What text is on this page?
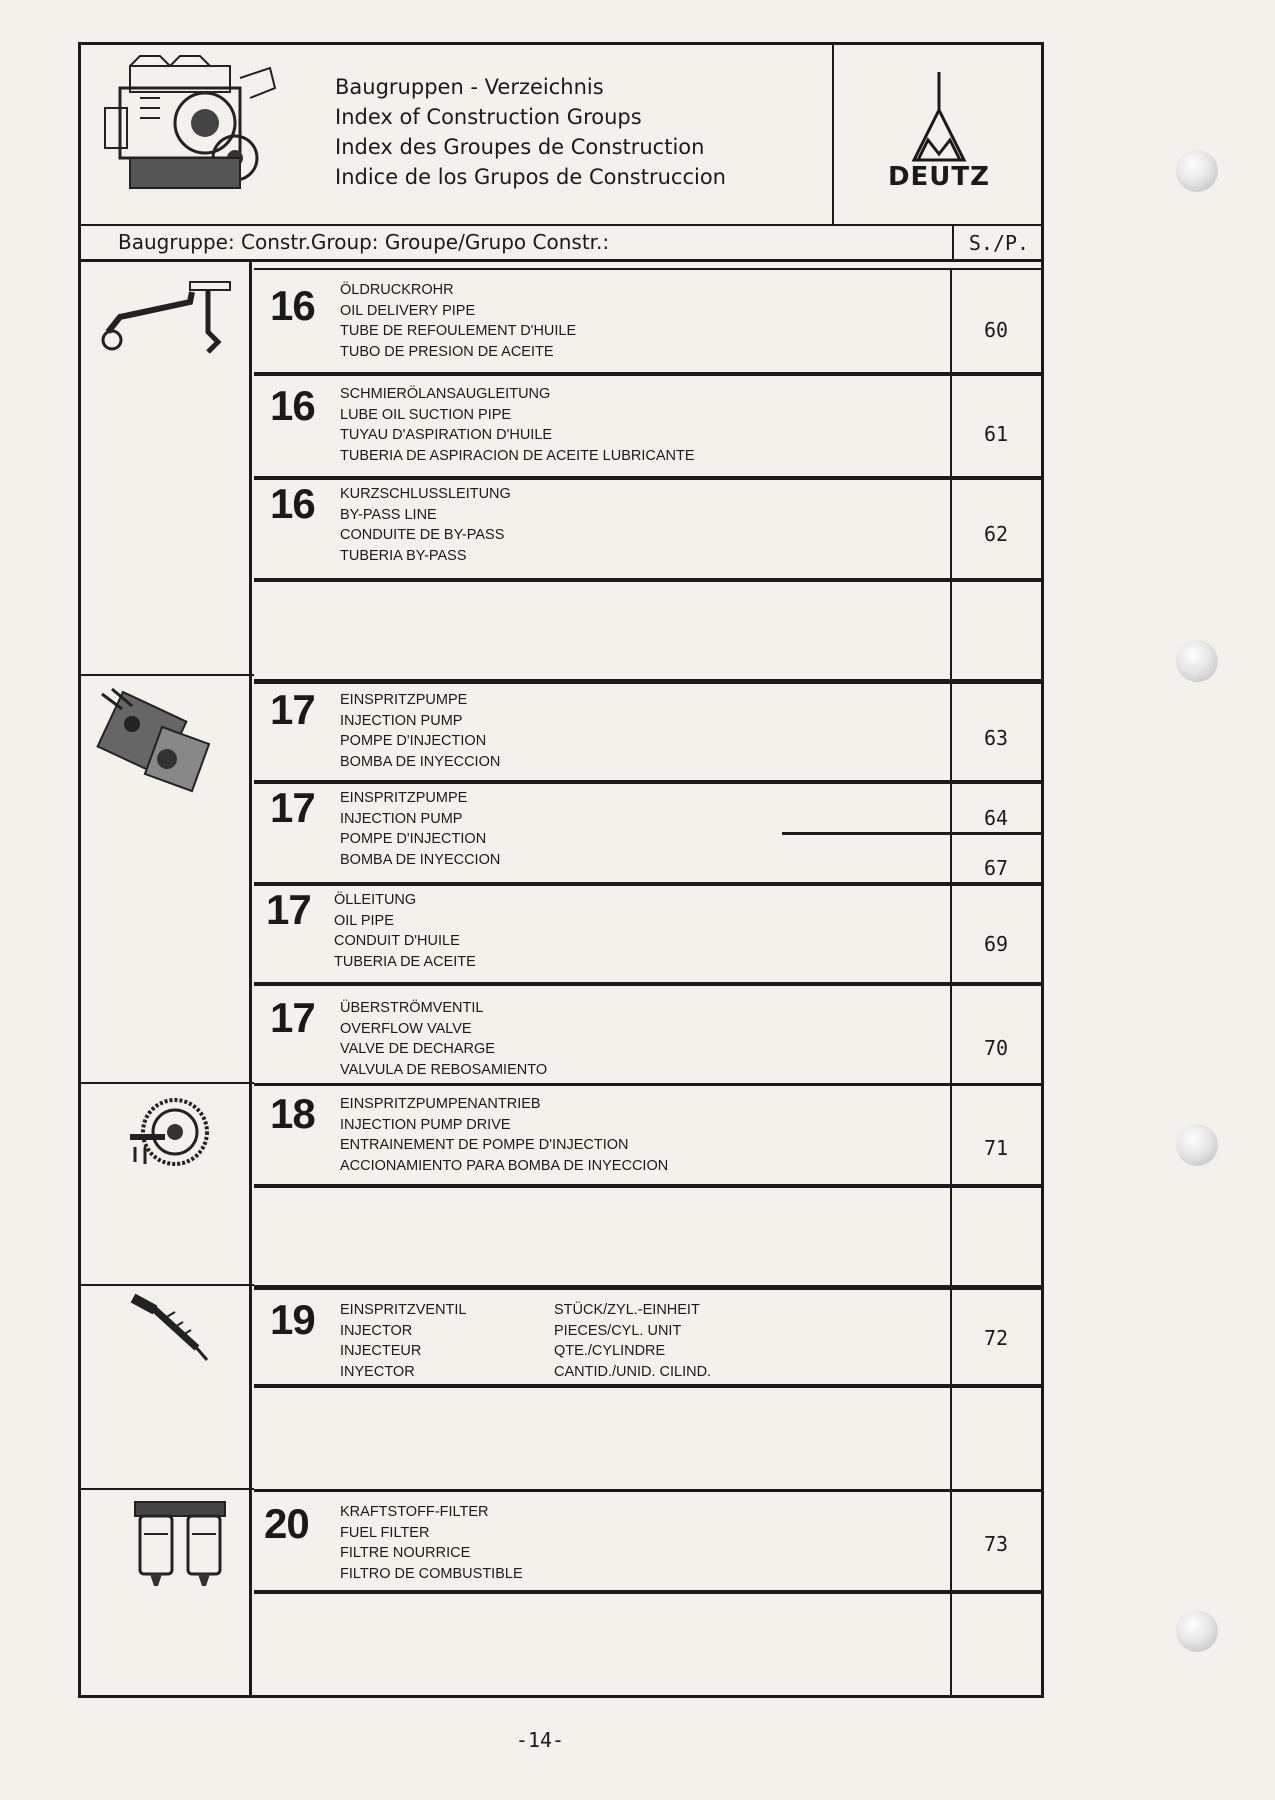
Baugruppen - Verzeichnis
Index of Construction Groups
Index des Groupes de Construction
Indice de los Grupos de Construccion	DEUTZ
Baugruppe: Constr.Group: Groupe/Grupo Constr.:	S./P.
16 ÖLDRUCKROHR
OIL DELIVERY PIPE
TUBE DE REFOULEMENT D'HUILE
TUBO DE PRESION DE ACEITE
60
16 SCHMIERÖLANSAUGLEITUNG
LUBE OIL SUCTION PIPE
TUYAU D'ASPIRATION D'HUILE
TUBERIA DE ASPIRACION DE ACEITE LUBRICANTE
61
16 KURZSCHLUSSLEITUNG
BY-PASS LINE
CONDUITE DE BY-PASS
TUBERIA BY-PASS
62
17 EINSPRITZPUMPE
INJECTION PUMP
POMPE D'INJECTION
BOMBA DE INYECCION
63
17 EINSPRITZPUMPE
INJECTION PUMP
POMPE D'INJECTION
BOMBA DE INYECCION
64
67
17 ÖLLEITUNG
OIL PIPE
CONDUIT D'HUILE
TUBERIA DE ACEITE
69
17 ÜBERSTRÖMVENTIL
OVERFLOW VALVE
VALVE DE DECHARGE
VALVULA DE REBOSAMIENTO
70
18 EINSPRITZPUMPENANTRIEB
INJECTION PUMP DRIVE
ENTRAINEMENT DE POMPE D'INJECTION
ACCIONAMIENTO PARA BOMBA DE INYECCION
71
19 EINSPRITZVENTIL
INJECTOR
INJECTEUR
INYECTOR
STÜCK/ZYL.-EINHEIT
PIECES/CYL. UNIT
QTE./CYLINDRE
CANTID./UNID. CILIND.
72
20 KRAFTSTOFF-FILTER
FUEL FILTER
FILTRE NOURRICE
FILTRO DE COMBUSTIBLE
73
-14-
